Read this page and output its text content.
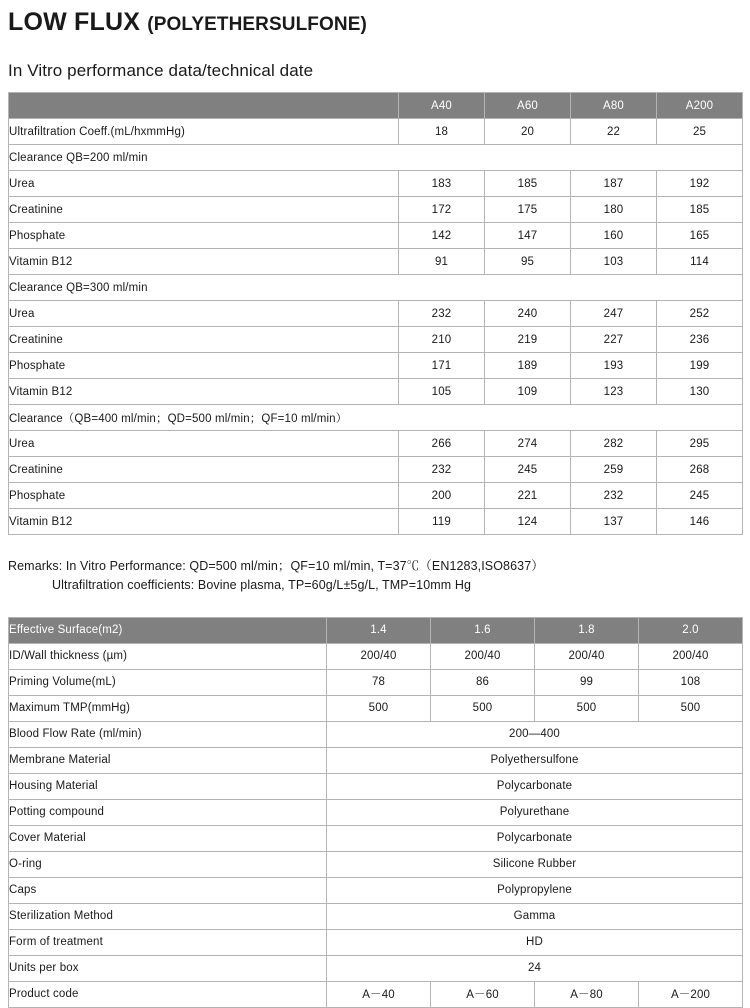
LOW FLUX (POLYETHERSULFONE)
In Vitro performance data/technical date
	A40	A60	A80	A200
Ultrafiltration Coeff.(mL/hxmmHg)	18	20	22	25
Clearance QB=200 ml/min				
Urea	183	185	187	192
Creatinine	172	175	180	185
Phosphate	142	147	160	165
Vitamin B12	91	95	103	114
Clearance QB=300 ml/min				
Urea	232	240	247	252
Creatinine	210	219	227	236
Phosphate	171	189	193	199
Vitamin B12	105	109	123	130
Clearance（QB=400 ml/min；QD=500 ml/min；QF=10 ml/min）				
Urea	266	274	282	295
Creatinine	232	245	259	268
Phosphate	200	221	232	245
Vitamin B12	119	124	137	146
Remarks: In Vitro Performance: QD=500 ml/min；QF=10 ml/min, T=37℃（EN1283,ISO8637）
Ultrafiltration coefficients: Bovine plasma, TP=60g/L±5g/L, TMP=10mm Hg
Effective Surface(m2)	1.4	1.6	1.8	2.0
ID/Wall thickness (µm)	200/40	200/40	200/40	200/40
Priming Volume(mL)	78	86	99	108
Maximum TMP(mmHg)	500	500	500	500
Blood Flow Rate (ml/min)	200—400			
Membrane Material	Polyethersulfone			
Housing Material	Polycarbonate			
Potting compound	Polyurethane			
Cover Material	Polycarbonate			
O-ring	Silicone Rubber			
Caps	Polypropylene			
Sterilization Method	Gamma			
Form of treatment	HD			
Units per box	24			
Product code	A－40	A－60	A－80	A－200
